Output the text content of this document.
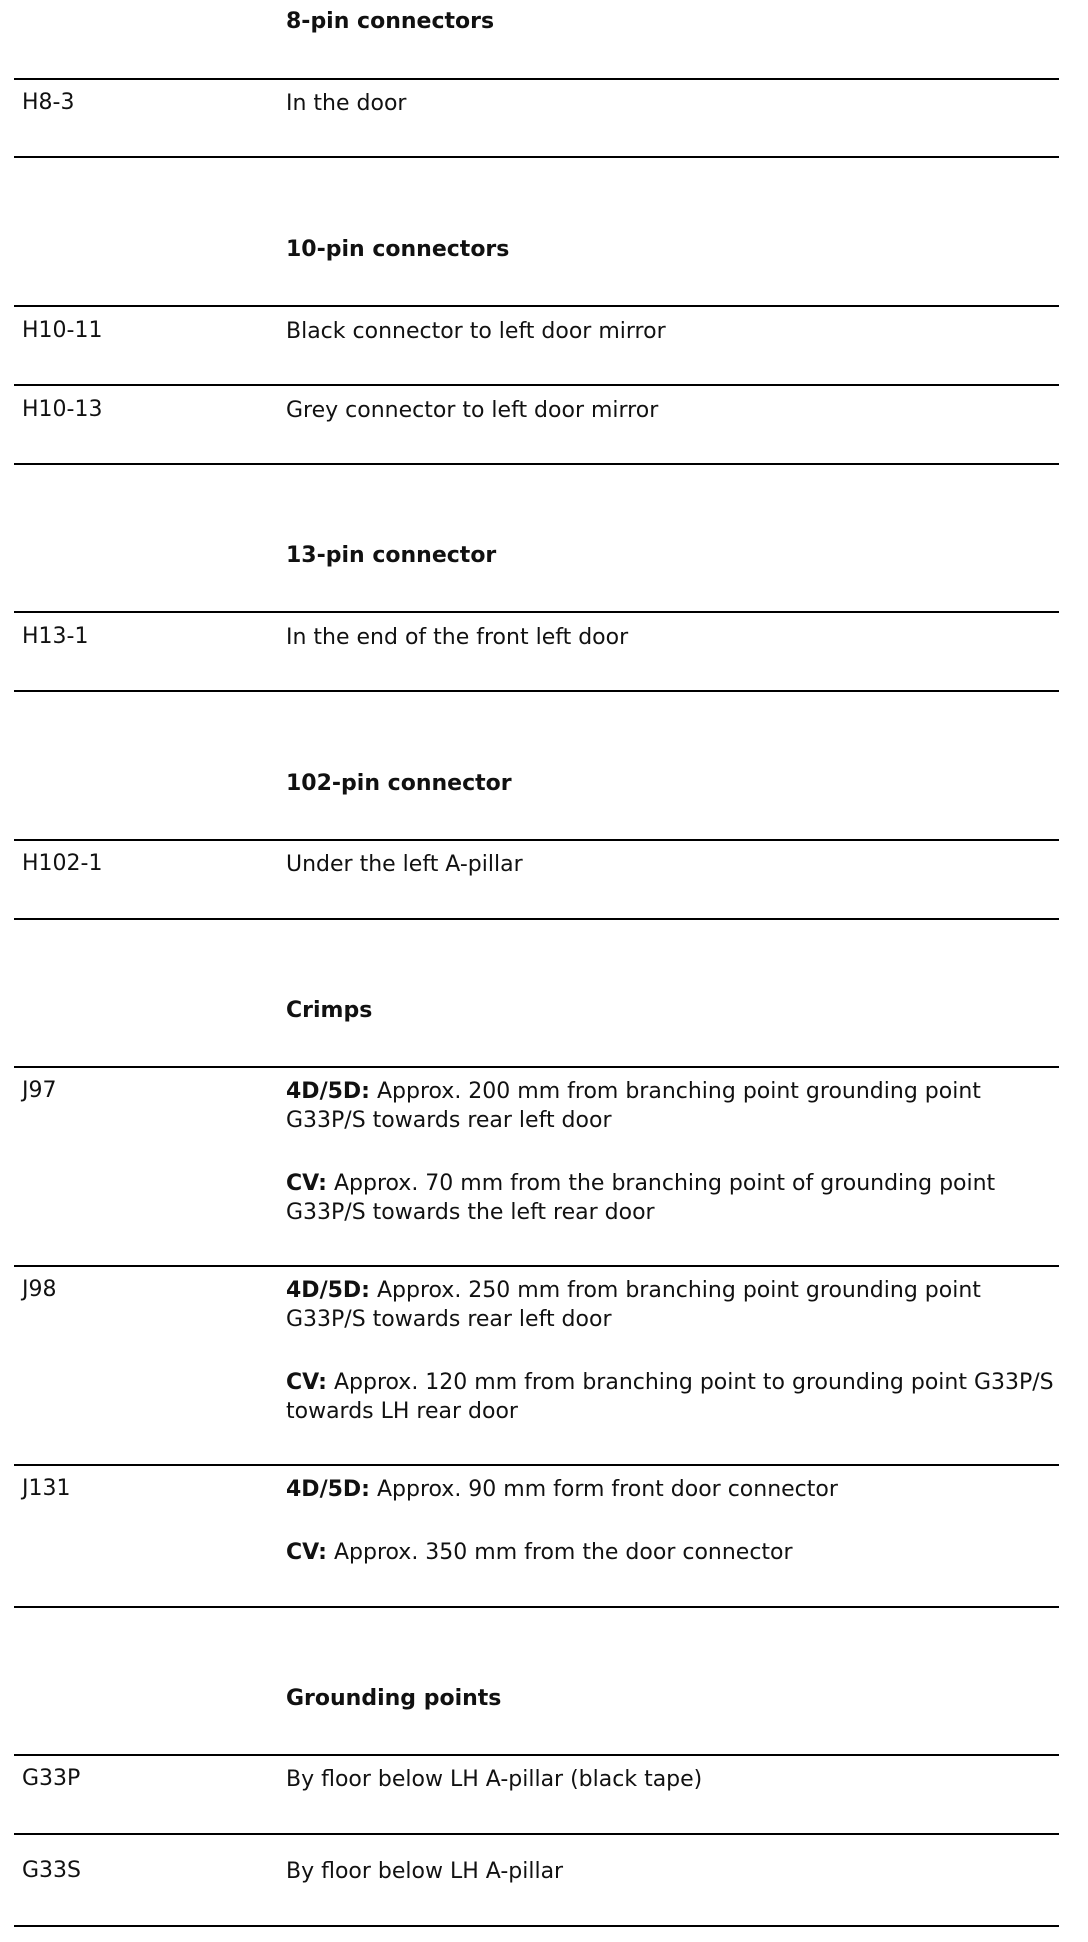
8-pin connectors
H8-3	In the door
10-pin connectors
H10-11	Black connector to left door mirror
H10-13	Grey connector to left door mirror
13-pin connector
H13-1	In the end of the front left door
102-pin connector
H102-1	Under the left A-pillar
Crimps
J97	4D/5D: Approx. 200 mm from branching point grounding point G33P/S towards rear left door
CV: Approx. 70 mm from the branching point of grounding point G33P/S towards the left rear door
J98	4D/5D: Approx. 250 mm from branching point grounding point G33P/S towards rear left door
CV: Approx. 120 mm from branching point to grounding point G33P/S towards LH rear door
J131	4D/5D: Approx. 90 mm form front door connector
CV: Approx. 350 mm from the door connector
Grounding points
G33P	By floor below LH A-pillar (black tape)
G33S	By floor below LH A-pillar
